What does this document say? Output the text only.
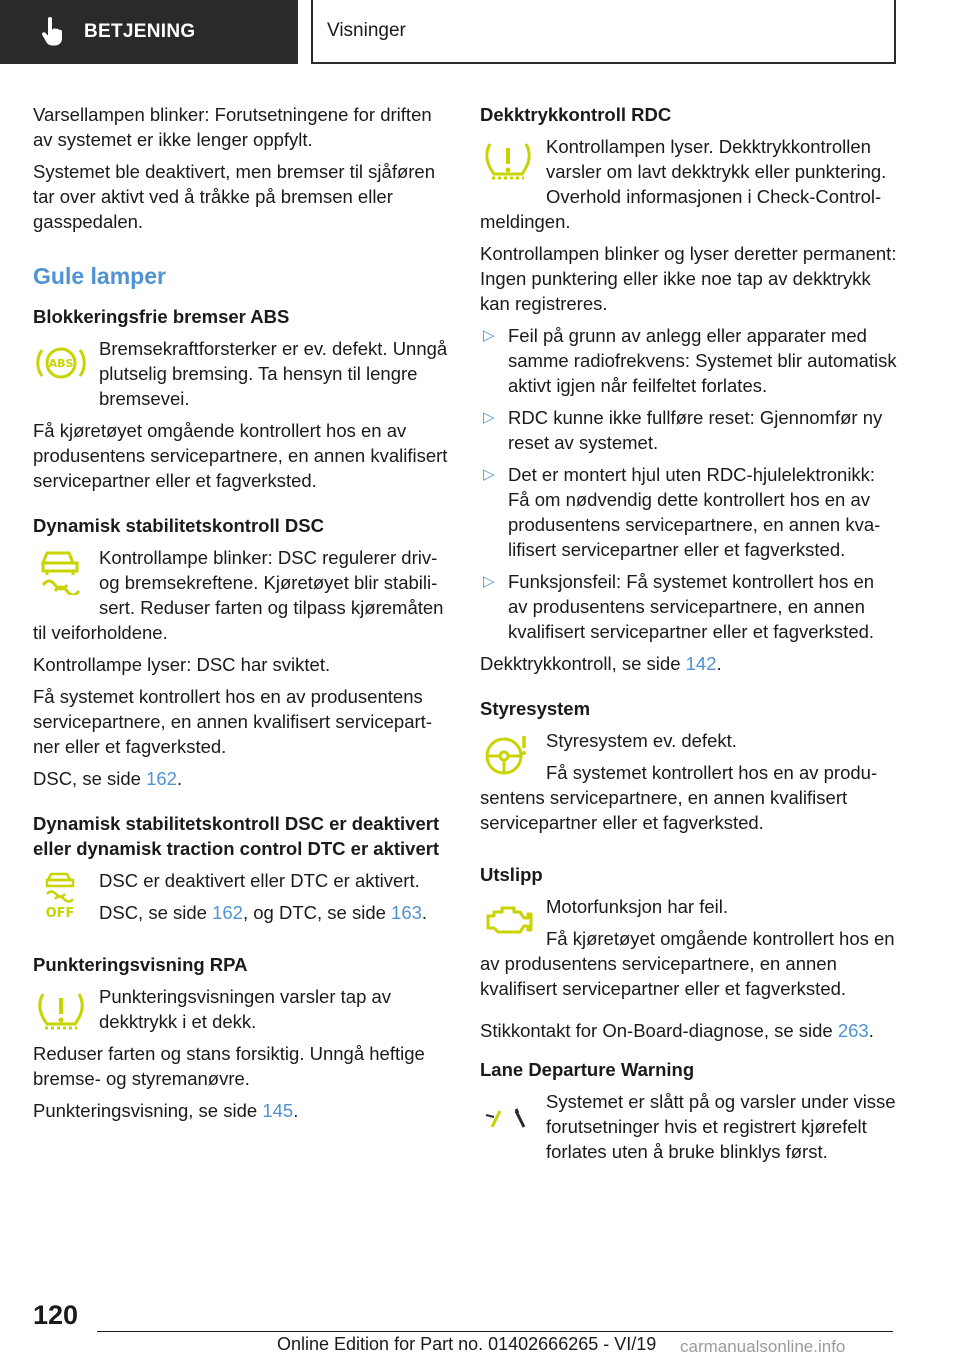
BETJENING	Visninger

Varsellampen blinker: Forutsetningene for driften av systemet er ikke lenger oppfylt.

Systemet ble deaktivert, men bremser til sjåføren tar over aktivt ved å tråkke på bremsen eller gasspedalen.

Gule lamper
Blokkeringsfrie bremser ABS
ABS

Bremsekraftforsterker er ev. defekt. Unngå plutselig bremsing. Ta hensyn til lengre bremsevei.

Få kjøretøyet omgående kontrollert hos en av produsentens servicepartnere, en annen kvalifisert servicepartner eller et fagverksted.

Dynamisk stabilitetskontroll DSC

Kontrollampe blinker: DSC regulerer driv- og bremsekreftene. Kjøretøyet blir stabilisert. Reduser farten og tilpass kjøremåten til veiforholdene.

Kontrollampe lyser: DSC har sviktet.

Få systemet kontrollert hos en av produsentens servicepartnere, en annen kvalifisert servicepartner eller et fagverksted.

DSC, se side 162.

Dynamisk stabilitetskontroll DSC er deaktivert eller dynamisk traction control DTC er aktivert
OFF

DSC er deaktivert eller DTC er aktivert.

DSC, se side 162, og DTC, se side 163.

Punkteringsvisning RPA

Punkteringsvisningen varsler tap av dekktrykk i et dekk.

Reduser farten og stans forsiktig. Unngå heftige bremse- og styremanøvre.

Punkteringsvisning, se side 145.

Dekktrykkontroll RDC

Kontrollampen lyser. Dekktrykkontrollen varsler om lavt dekktrykk eller punktering. Overhold informasjonen i Check-Control-meldingen.

Kontrollampen blinker og lyser deretter permanent: Ingen punktering eller ikke noe tap av dekktrykk kan registreres.

▷ Feil på grunn av anlegg eller apparater med samme radiofrekvens: Systemet blir automatisk aktivt igjen når feilfeltet forlates.
▷ RDC kunne ikke fullføre reset: Gjennomfør ny reset av systemet.
▷ Det er montert hjul uten RDC-hjulelektronikk: Få om nødvendig dette kontrollert hos en av produsentens servicepartnere, en annen kvalifisert servicepartner eller et fagverksted.
▷ Funksjonsfeil: Få systemet kontrollert hos en av produsentens servicepartnere, en annen kvalifisert servicepartner eller et fagverksted.

Dekktrykkontroll, se side 142.

Styresystem

Styresystem ev. defekt.

Få systemet kontrollert hos en av produsentens servicepartnere, en annen kvalifisert servicepartner eller et fagverksted.

Utslipp

Motorfunksjon har feil.

Få kjøretøyet omgående kontrollert hos en av produsentens servicepartnere, en annen kvalifisert servicepartner eller et fagverksted.

Stikkontakt for On-Board-diagnose, se side 263.

Lane Departure Warning

Systemet er slått på og varsler under visse forutsetninger hvis et registrert kjørefelt forlates uten å bruke blinklys først.

120
Online Edition for Part no. 01402666265 - VI/19 carmanualsonline.info
